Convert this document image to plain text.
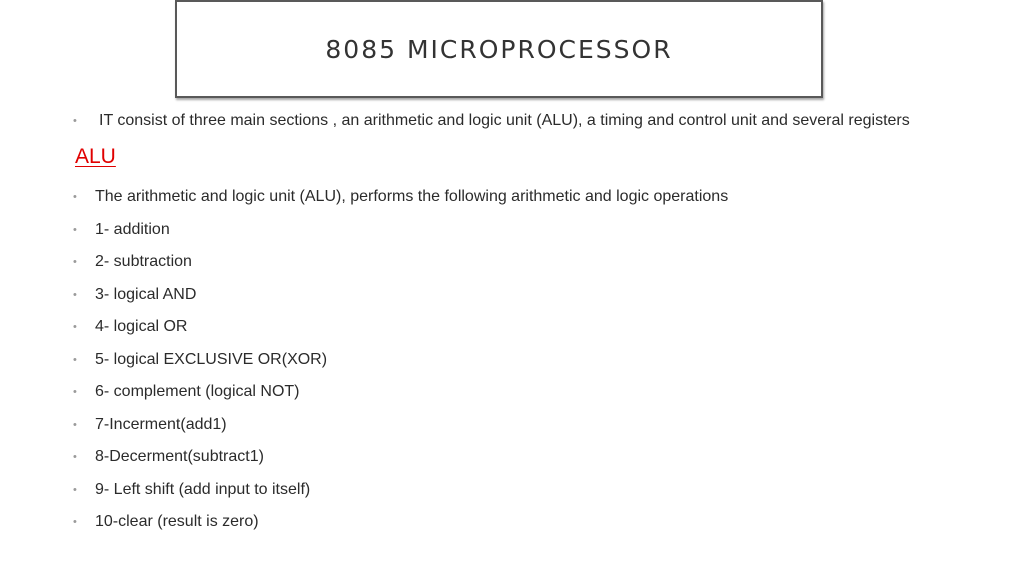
8085 MICROPROCESSOR
•	IT consist of three main sections , an arithmetic and logic unit (ALU), a timing and control unit and several registers
ALU
•	The arithmetic and logic unit (ALU), performs the following arithmetic and logic operations
•	1- addition
•	2- subtraction
•	3- logical AND
•	4- logical OR
•	5- logical EXCLUSIVE OR(XOR)
•	6- complement (logical NOT)
•	7-Incerment(add1)
•	8-Decerment(subtract1)
•	9- Left shift (add input to itself)
•	10-clear (result is zero)
